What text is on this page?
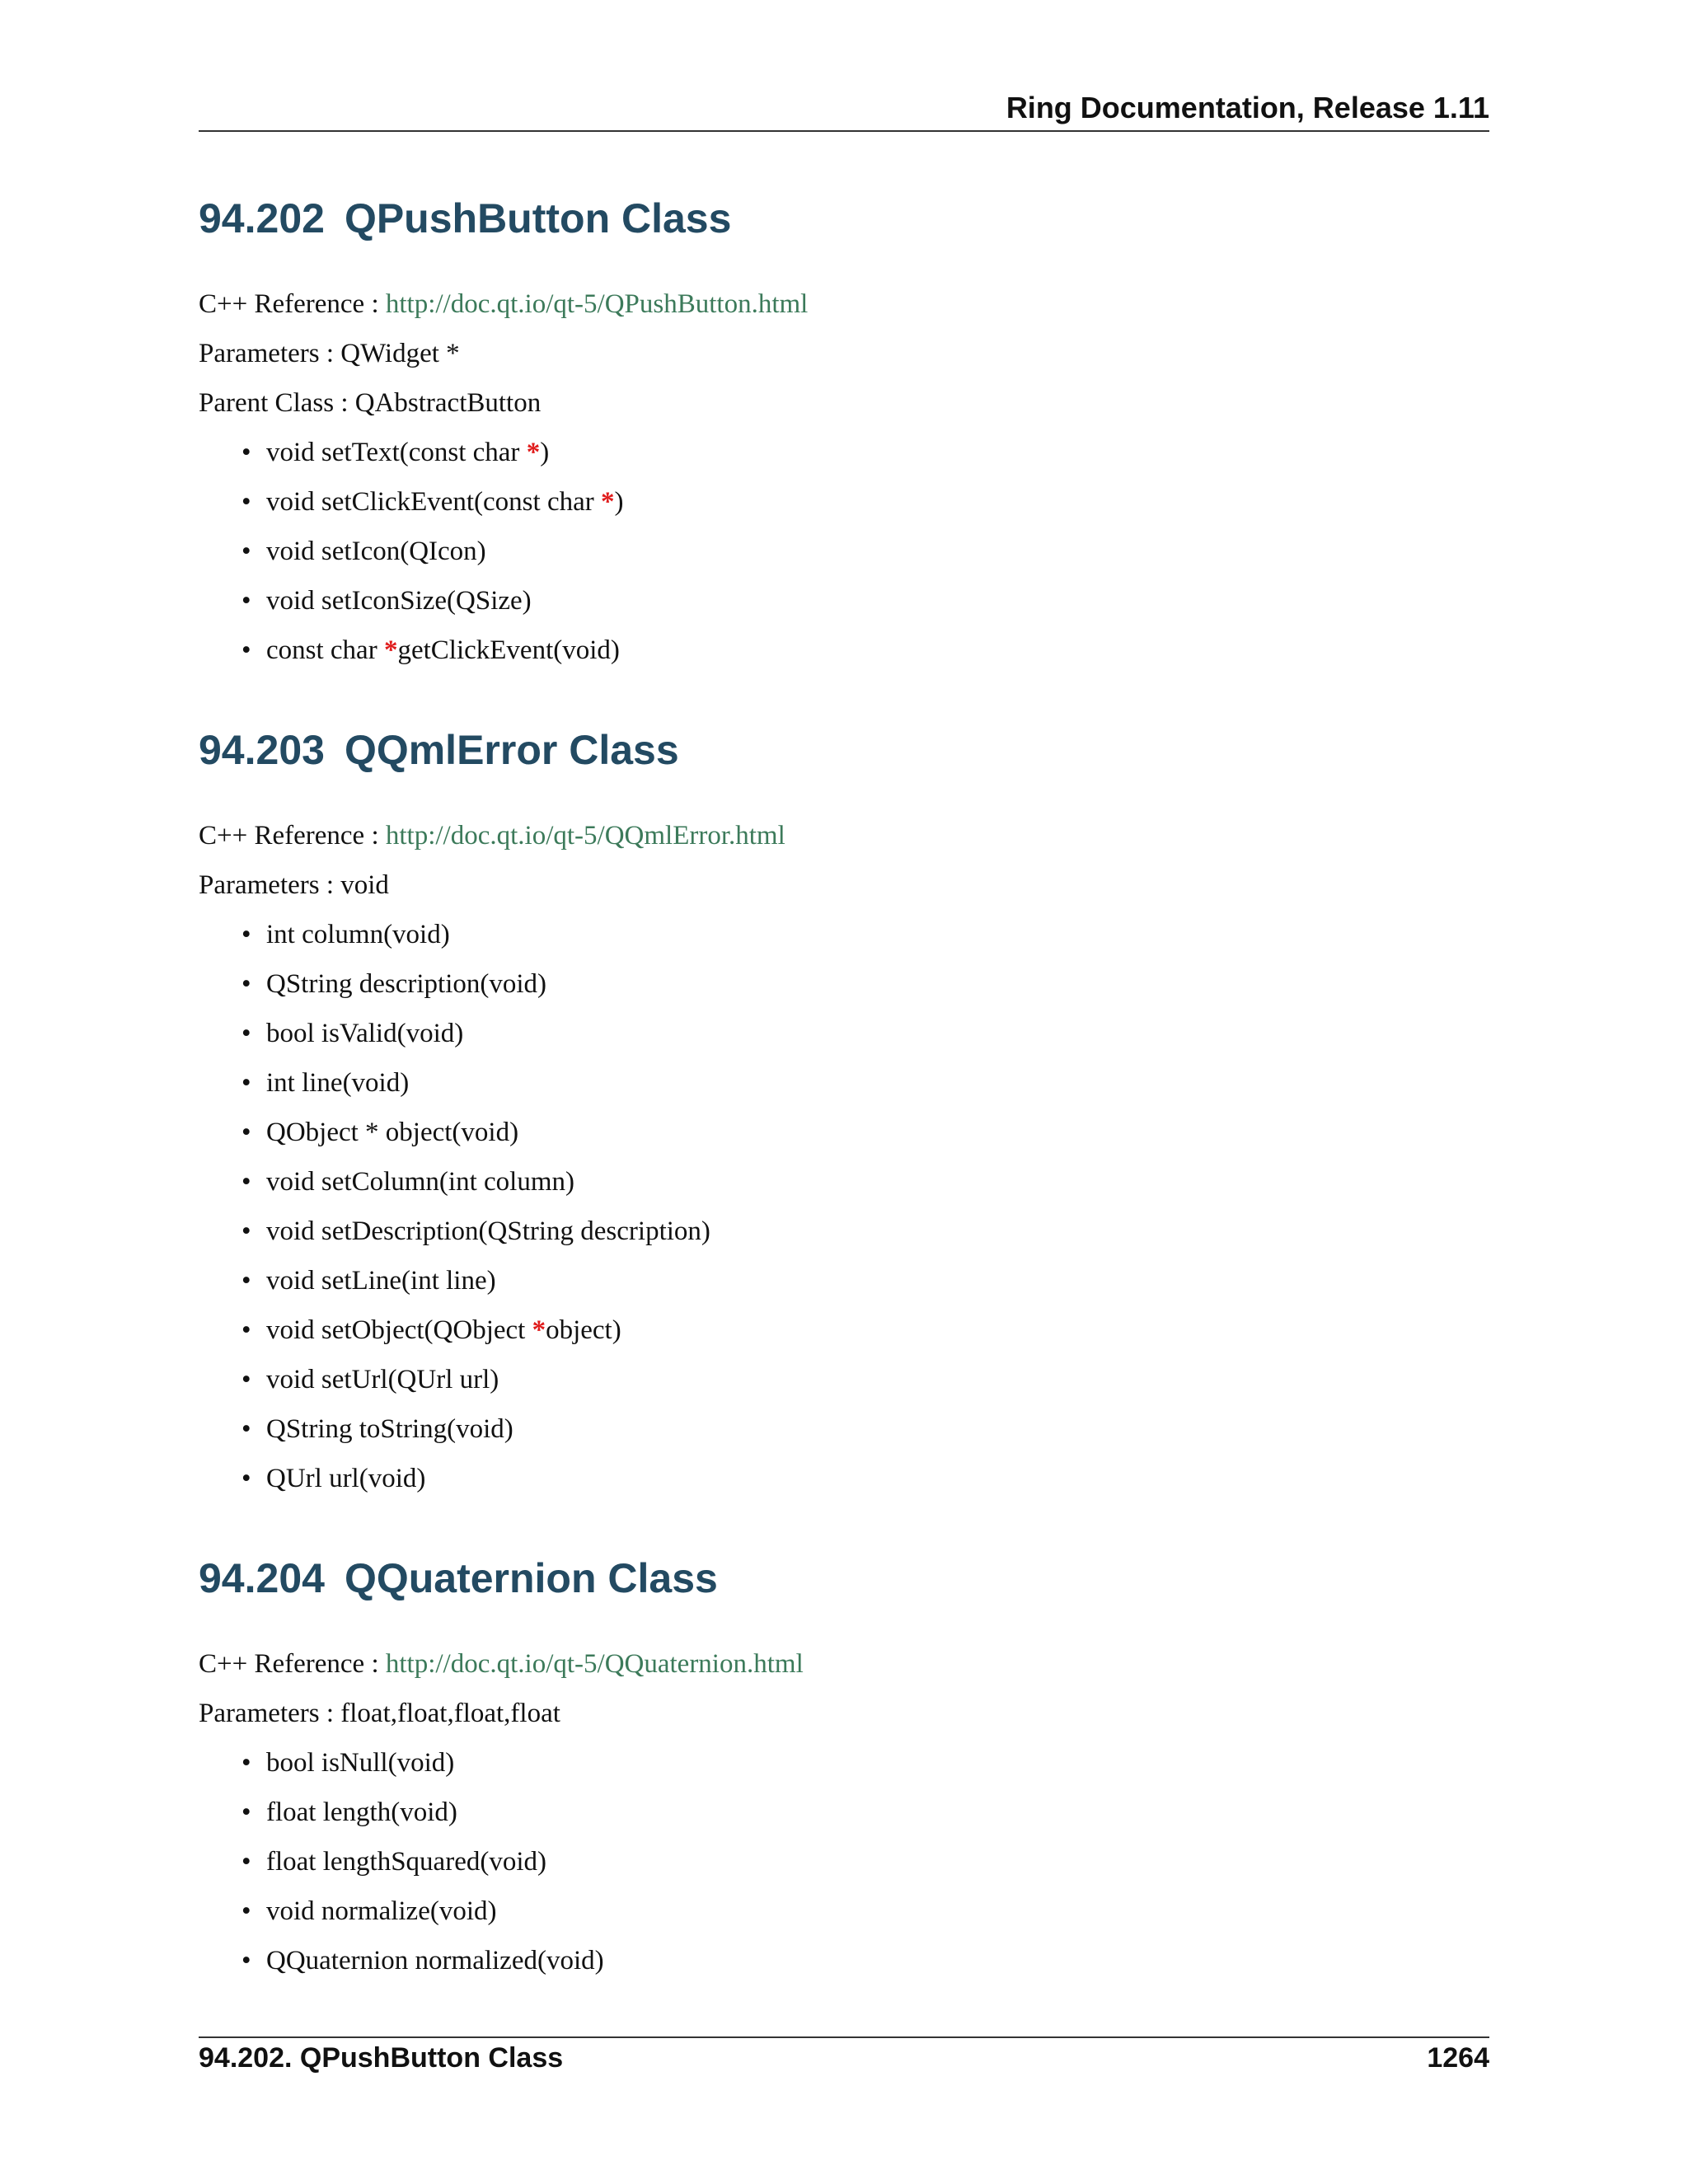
Ring Documentation, Release 1.11
94.202 QPushButton Class

C++ Reference : http://doc.qt.io/qt-5/QPushButton.html

Parameters : QWidget *

Parent Class : QAbstractButton

• void setText(const char *)
• void setClickEvent(const char *)
• void setIcon(QIcon)
• void setIconSize(QSize)
• const char *getClickEvent(void)
94.203 QQmlError Class

C++ Reference : http://doc.qt.io/qt-5/QQmlError.html

Parameters : void

• int column(void)
• QString description(void)
• bool isValid(void)
• int line(void)
• QObject * object(void)
• void setColumn(int column)
• void setDescription(QString description)
• void setLine(int line)
• void setObject(QObject *object)
• void setUrl(QUrl url)
• QString toString(void)
• QUrl url(void)
94.204 QQuaternion Class

C++ Reference : http://doc.qt.io/qt-5/QQuaternion.html

Parameters : float,float,float,float

• bool isNull(void)
• float length(void)
• float lengthSquared(void)
• void normalize(void)
• QQuaternion normalized(void)
94.202. QPushButton Class	1264
